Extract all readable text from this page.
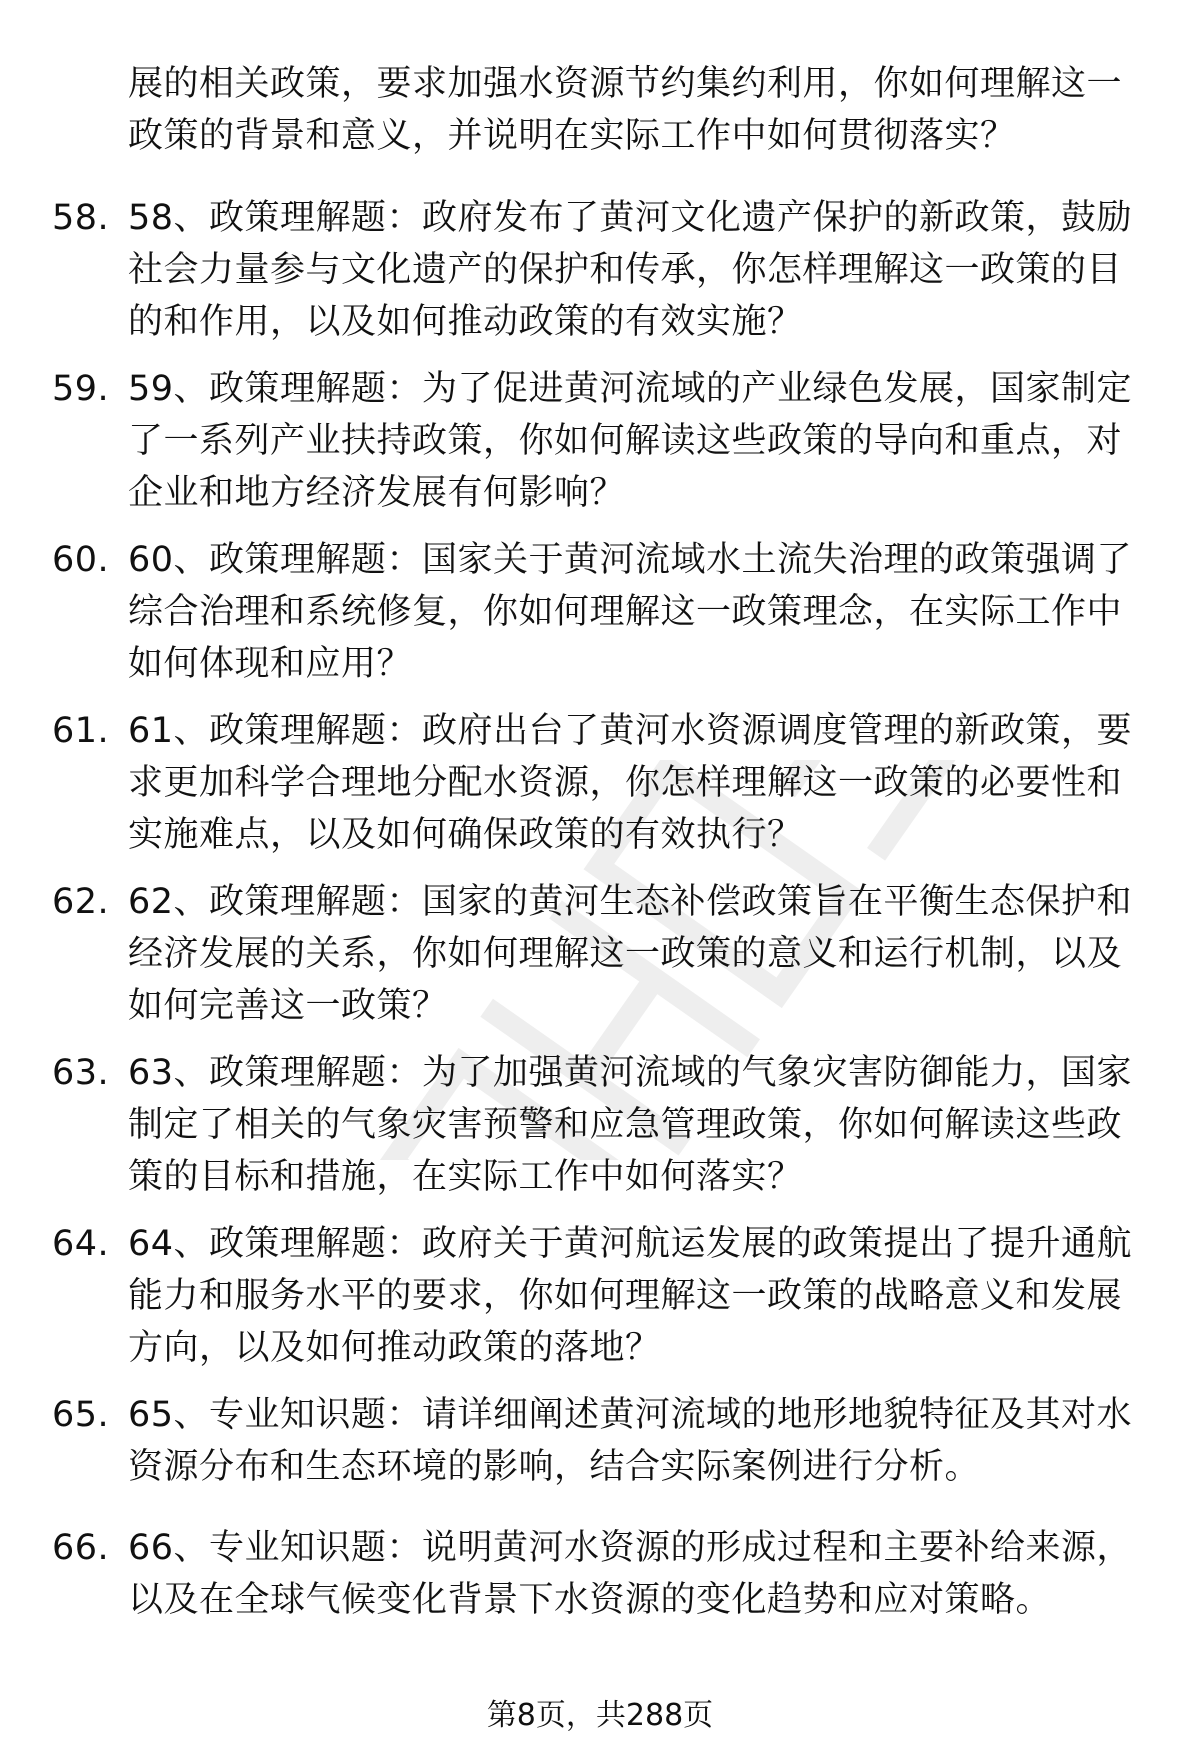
展的相关政策，要求加强水资源节约集约利用，你如何理解这一政策的背景和意义，并说明在实际工作中如何贯彻落实？
58. 58、政策理解题：政府发布了黄河文化遗产保护的新政策，鼓励社会力量参与文化遗产的保护和传承，你怎样理解这一政策的目的和作用，以及如何推动政策的有效实施？
59. 59、政策理解题：为了促进黄河流域的产业绿色发展，国家制定了一系列产业扶持政策，你如何解读这些政策的导向和重点，对企业和地方经济发展有何影响？
60. 60、政策理解题：国家关于黄河流域水土流失治理的政策强调了综合治理和系统修复，你如何理解这一政策理念，在实际工作中如何体现和应用？
61. 61、政策理解题：政府出台了黄河水资源调度管理的新政策，要求更加科学合理地分配水资源，你怎样理解这一政策的必要性和实施难点，以及如何确保政策的有效执行？
62. 62、政策理解题：国家的黄河生态补偿政策旨在平衡生态保护和经济发展的关系，你如何理解这一政策的意义和运行机制，以及如何完善这一政策？
63. 63、政策理解题：为了加强黄河流域的气象灾害防御能力，国家制定了相关的气象灾害预警和应急管理政策，你如何解读这些政策的目标和措施，在实际工作中如何落实？
64. 64、政策理解题：政府关于黄河航运发展的政策提出了提升通航能力和服务水平的要求，你如何理解这一政策的战略意义和发展方向，以及如何推动政策的落地？
65. 65、专业知识题：请详细阐述黄河流域的地形地貌特征及其对水资源分布和生态环境的影响，结合实际案例进行分析。
66. 66、专业知识题：说明黄河水资源的形成过程和主要补给来源，以及在全球气候变化背景下水资源的变化趋势和应对策略。
第8页，共288页
